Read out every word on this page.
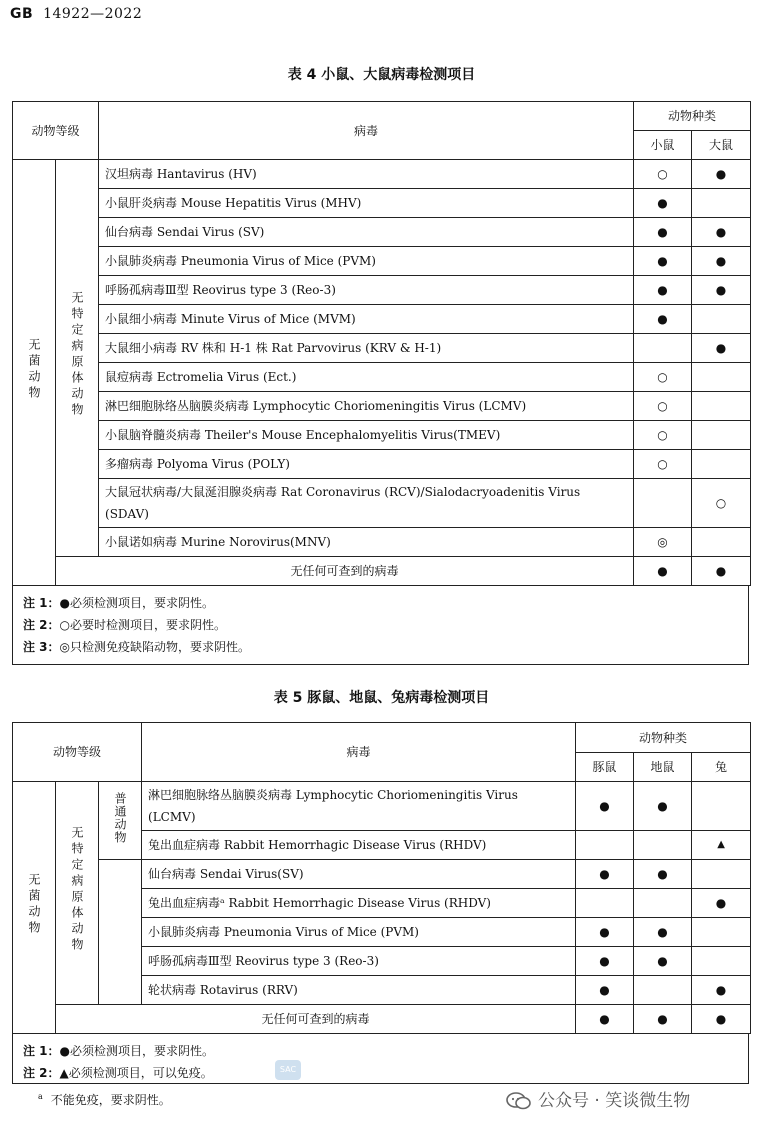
GB 14922—2022
表 4 小鼠、大鼠病毒检测项目
动物等级		病毒	动物种类	
			小鼠	大鼠
无菌动物	无特定病原体动物	汉坦病毒 Hantavirus (HV)	○	●
		小鼠肝炎病毒 Mouse Hepatitis Virus (MHV)	●	
		仙台病毒 Sendai Virus (SV)	●	●
		小鼠肺炎病毒 Pneumonia Virus of Mice (PVM)	●	●
		呼肠孤病毒Ⅲ型 Reovirus type 3 (Reo-3)	●	●
		小鼠细小病毒 Minute Virus of Mice (MVM)	●	
		大鼠细小病毒 RV 株和 H-1 株 Rat Parvovirus (KRV & H-1)		●
		鼠痘病毒 Ectromelia Virus (Ect.)	○	
		淋巴细胞脉络丛脑膜炎病毒 Lymphocytic Choriomeningitis Virus (LCMV)	○	
		小鼠脑脊髓炎病毒 Theiler's Mouse Encephalomyelitis Virus(TMEV)	○	
		多瘤病毒 Polyoma Virus (POLY)	○	
		大鼠冠状病毒/大鼠涎泪腺炎病毒 Rat Coronavirus (RCV)/Sialodacryoadenitis Virus (SDAV)		○
		小鼠诺如病毒 Murine Norovirus(MNV)	◎	

	无任何可查到的病毒		●	●
注 1：●必须检测项目，要求阴性。
注 2：○必要时检测项目，要求阴性。
注 3：◎只检测免疫缺陷动物，要求阴性。
表 5 豚鼠、地鼠、兔病毒检测项目
动物等级			病毒	动物种类		
				豚鼠	地鼠	兔
无菌动物	无特定病原体动物	普通动物	淋巴细胞脉络丛脑膜炎病毒 Lymphocytic Choriomeningitis Virus (LCMV)	●	●	
			兔出血症病毒 Rabbit Hemorrhagic Disease Virus (RHDV)			▲
			仙台病毒 Sendai Virus(SV)	●	●	
			兔出血症病毒ᵃ Rabbit Hemorrhagic Disease Virus (RHDV)			●
			小鼠肺炎病毒 Pneumonia Virus of Mice (PVM)	●	●	
			呼肠孤病毒Ⅲ型 Reovirus type 3 (Reo-3)	●	●	
			轮状病毒 Rotavirus (RRV)	●		●
	无任何可查到的病毒			●	●	●
注 1：●必须检测项目，要求阴性。
注 2：▲必须检测项目，可以免疫。	SAC
$^a$ 不能免疫，要求阴性。	公众号 · 笑谈微生物
